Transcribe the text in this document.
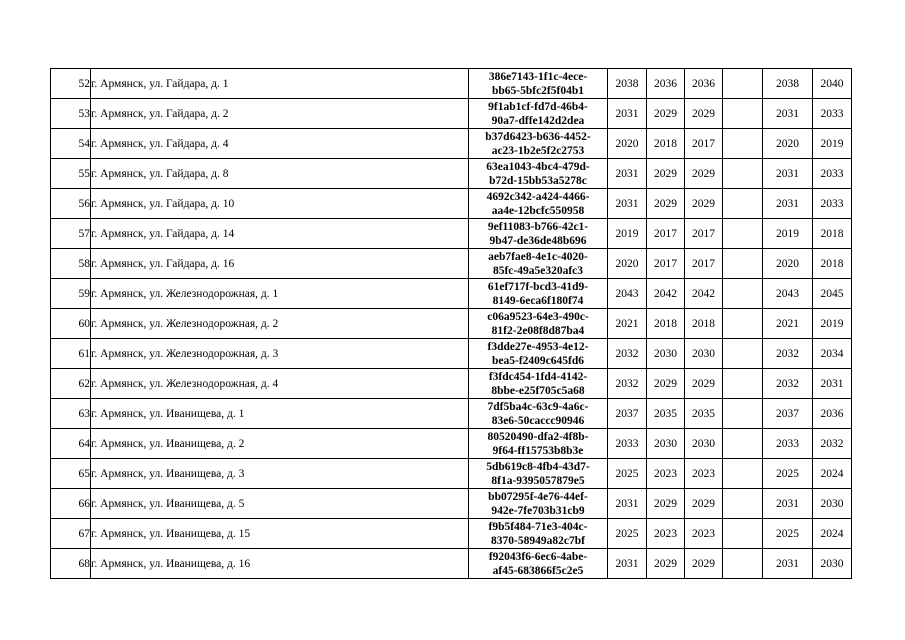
52	г. Армянск, ул. Гайдара, д. 1	386e7143-1f1c-4ece-
bb65-5bfc2f5f04b1	2038	2036	2036		2038	2040
53	г. Армянск, ул. Гайдара, д. 2	9f1ab1cf-fd7d-46b4-
90a7-dffe142d2dea	2031	2029	2029		2031	2033
54	г. Армянск, ул. Гайдара, д. 4	b37d6423-b636-4452-
ac23-1b2e5f2c2753	2020	2018	2017		2020	2019
55	г. Армянск, ул. Гайдара, д. 8	63ea1043-4bc4-479d-
b72d-15bb53a5278c	2031	2029	2029		2031	2033
56	г. Армянск, ул. Гайдара, д. 10	4692c342-a424-4466-
aa4e-12bcfc550958	2031	2029	2029		2031	2033
57	г. Армянск, ул. Гайдара, д. 14	9ef11083-b766-42c1-
9b47-de36de48b696	2019	2017	2017		2019	2018
58	г. Армянск, ул. Гайдара, д. 16	aeb7fae8-4e1c-4020-
85fc-49a5e320afc3	2020	2017	2017		2020	2018
59	г. Армянск, ул. Железнодорожная, д. 1	61ef717f-bcd3-41d9-
8149-6eca6f180f74	2043	2042	2042		2043	2045
60	г. Армянск, ул. Железнодорожная, д. 2	c06a9523-64e3-490c-
81f2-2e08f8d87ba4	2021	2018	2018		2021	2019
61	г. Армянск, ул. Железнодорожная, д. 3	f3dde27e-4953-4e12-
bea5-f2409c645fd6	2032	2030	2030		2032	2034
62	г. Армянск, ул. Железнодорожная, д. 4	f3fdc454-1fd4-4142-
8bbe-e25f705c5a68	2032	2029	2029		2032	2031
63	г. Армянск, ул. Иванищева, д. 1	7df5ba4c-63c9-4a6c-
83e6-50caccc90946	2037	2035	2035		2037	2036
64	г. Армянск, ул. Иванищева, д. 2	80520490-dfa2-4f8b-
9f64-ff15753b8b3e	2033	2030	2030		2033	2032
65	г. Армянск, ул. Иванищева, д. 3	5db619c8-4fb4-43d7-
8f1a-9395057879e5	2025	2023	2023		2025	2024
66	г. Армянск, ул. Иванищева, д. 5	bb07295f-4e76-44ef-
942e-7fe703b31cb9	2031	2029	2029		2031	2030
67	г. Армянск, ул. Иванищева, д. 15	f9b5f484-71e3-404c-
8370-58949a82c7bf	2025	2023	2023		2025	2024
68	г. Армянск, ул. Иванищева, д. 16	f92043f6-6ec6-4abe-
af45-683866f5c2e5	2031	2029	2029		2031	2030
